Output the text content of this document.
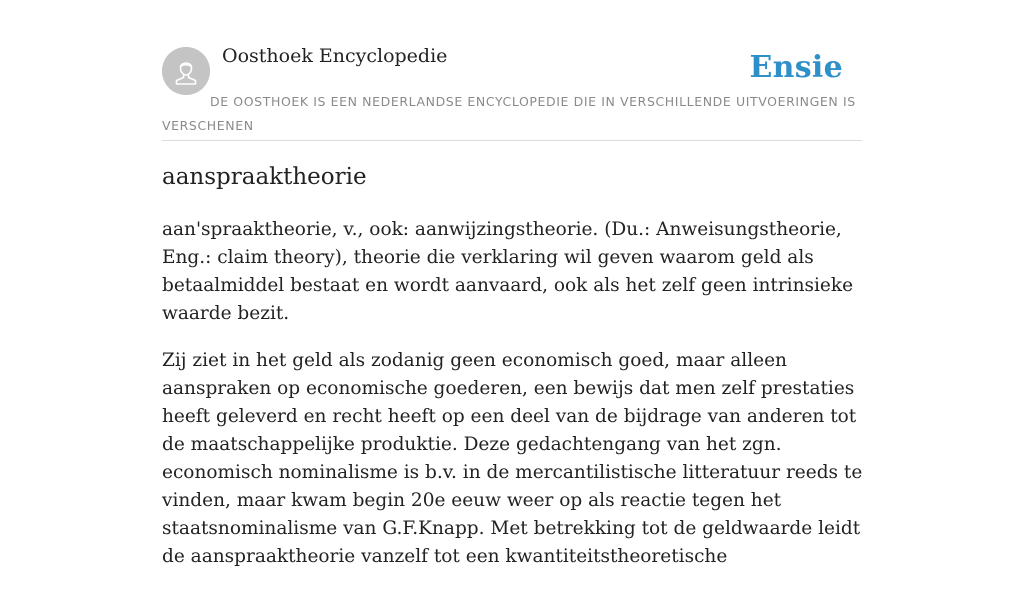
Oosthoek Encyclopedie	Ensie
DE OOSTHOEK IS EEN NEDERLANDSE ENCYCLOPEDIE DIE IN VERSCHILLENDE UITVOERINGEN IS VERSCHENEN
aanspraaktheorie

aan'spraaktheorie, v., ook: aanwijzingstheorie. (Du.: Anweisungstheorie, Eng.: claim theory), theorie die verklaring wil geven waarom geld als betaalmiddel bestaat en wordt aanvaard, ook als het zelf geen intrinsieke waarde bezit.

Zij ziet in het geld als zodanig geen economisch goed, maar alleen aanspraken op economische goederen, een bewijs dat men zelf prestaties heeft geleverd en recht heeft op een deel van de bijdrage van anderen tot de maatschappelijke produktie. Deze gedachtengang van het zgn. economisch nominalisme is b.v. in de mercantilistische litteratuur reeds te vinden, maar kwam begin 20e eeuw weer op als reactie tegen het staatsnominalisme van G.F.Knapp. Met betrekking tot de geldwaarde leidt de aanspraaktheorie vanzelf tot een kwantiteitstheoretische
